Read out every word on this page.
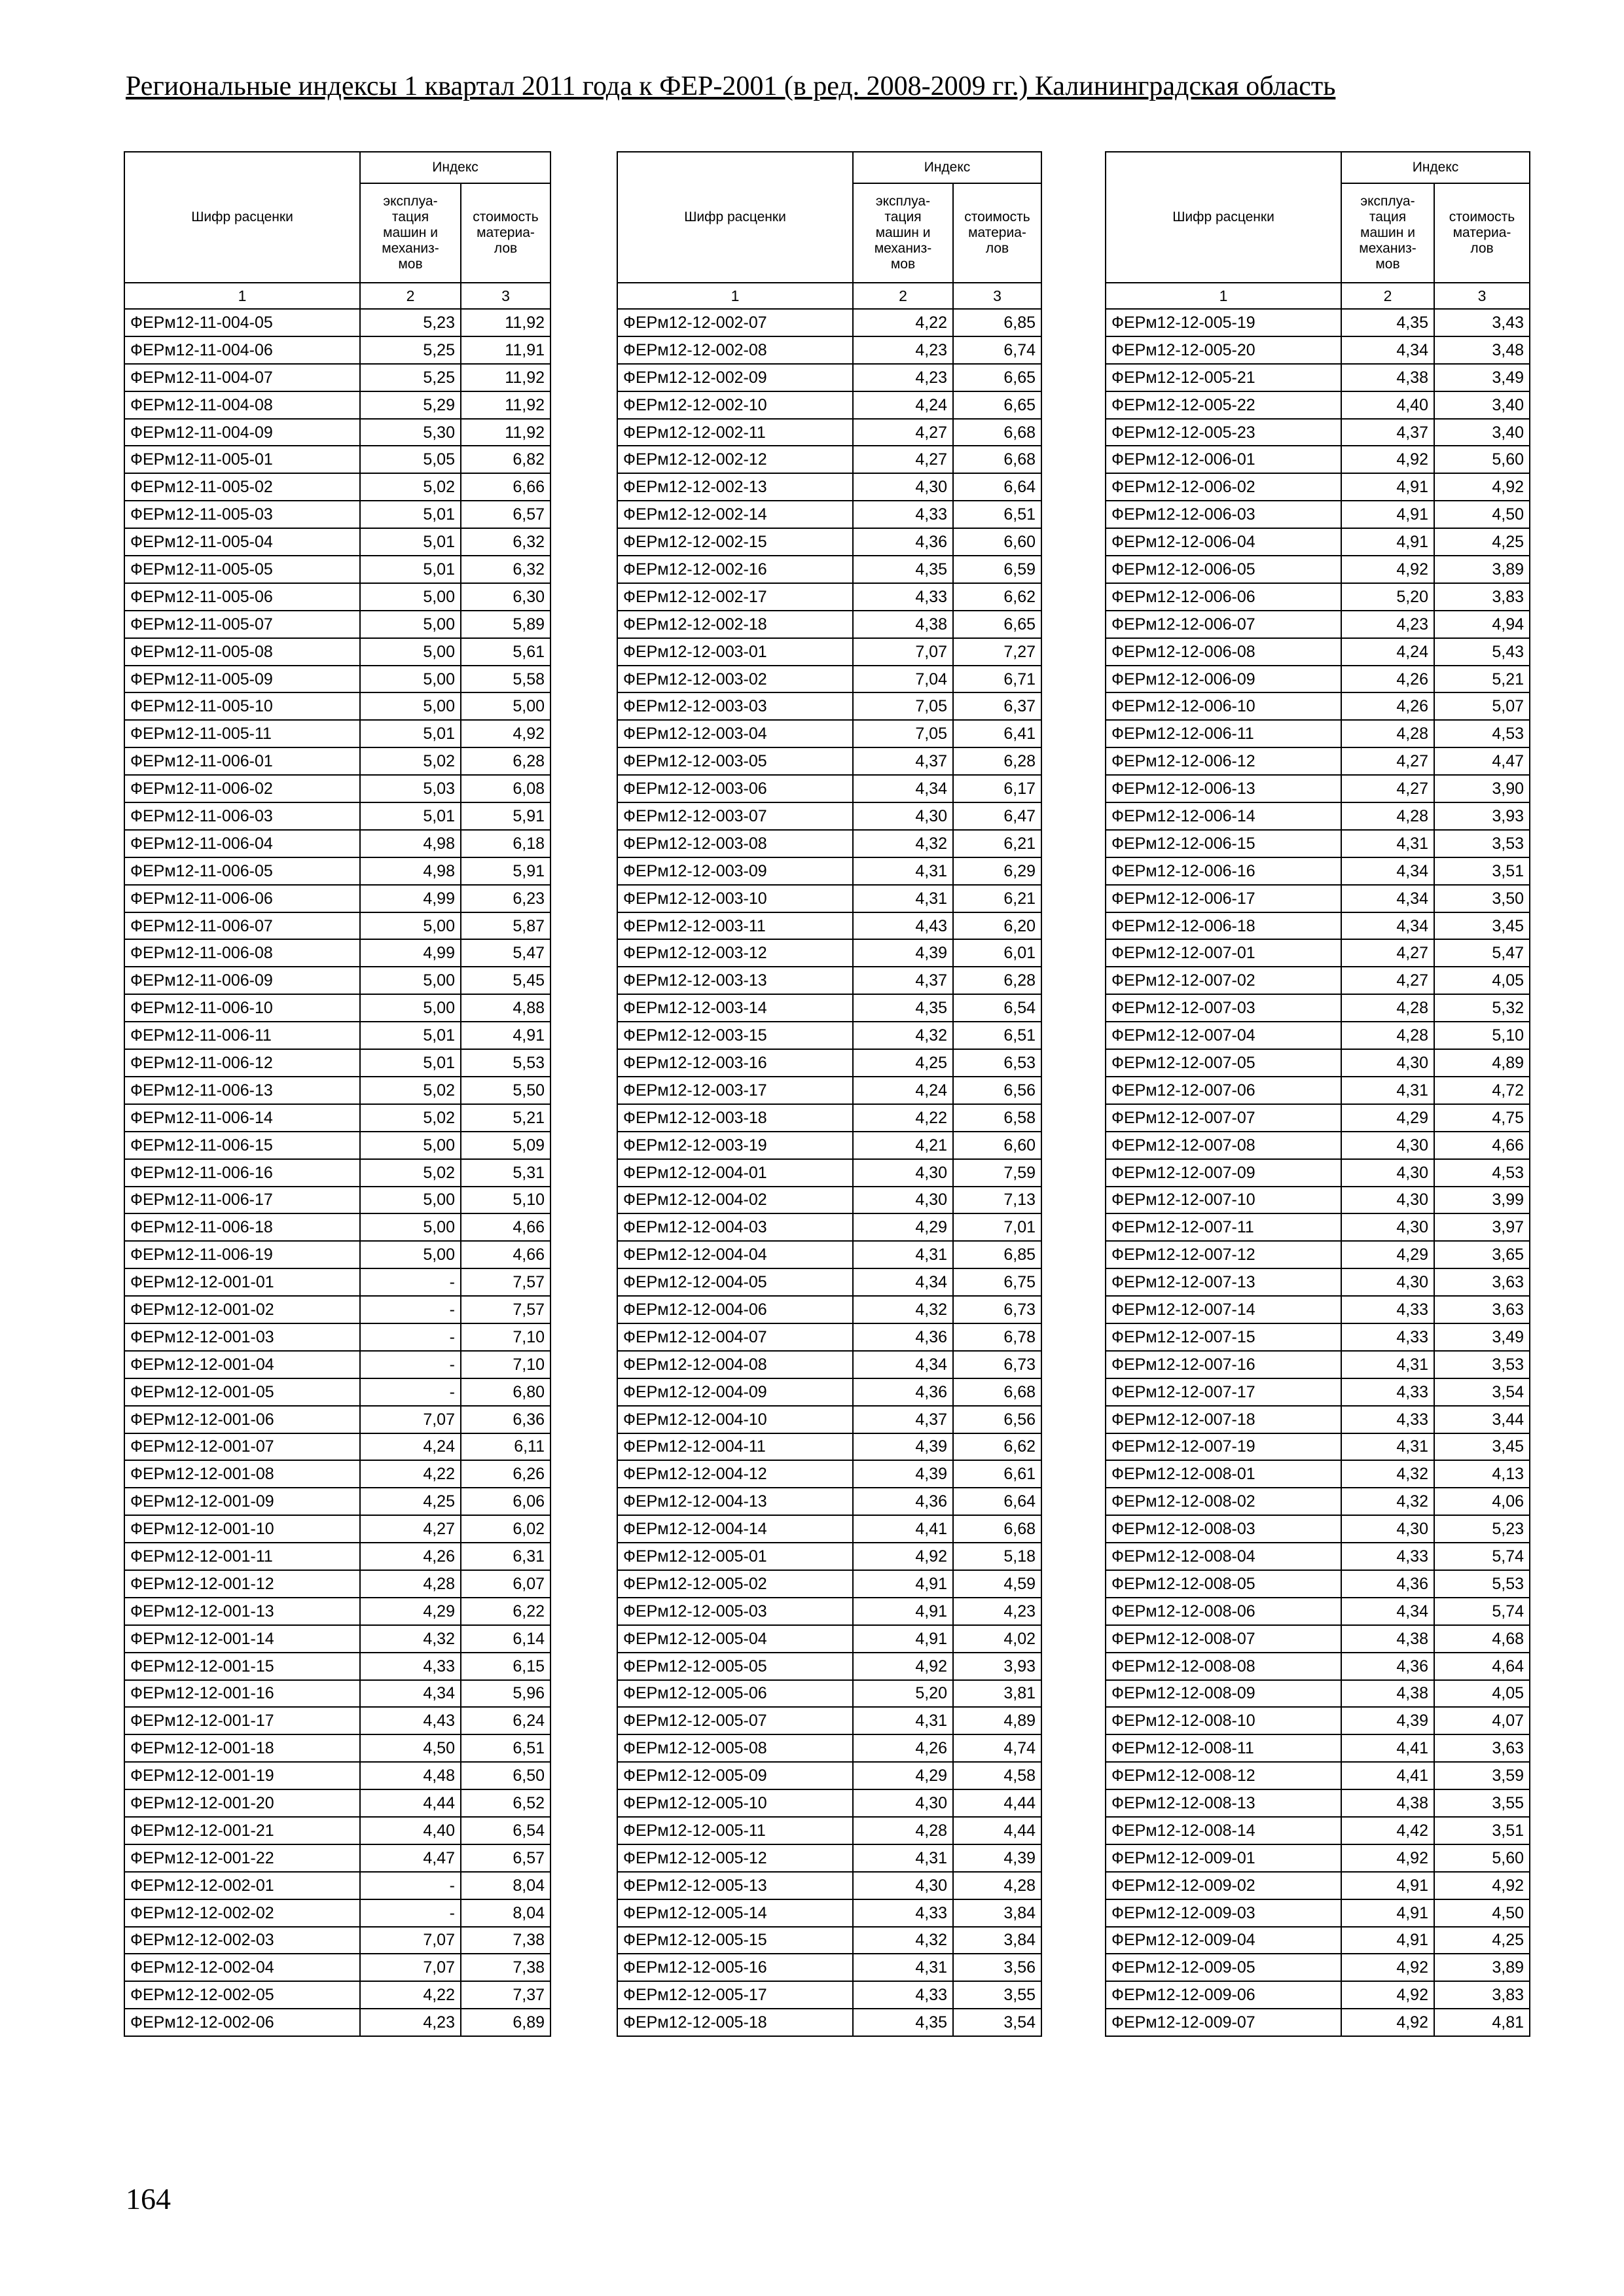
Региональные индексы 1 квартал 2011 года к ФЕР-2001 (в ред. 2008-2009 гг.) Калининградская область
Шифр расценки	Индекс	
	эксплуа-
тация
машин и
механиз-
мов	стоимость
материа-
лов
1	2	3
ФЕРм12-11-004-05	5,23	11,92
ФЕРм12-11-004-06	5,25	11,91
ФЕРм12-11-004-07	5,25	11,92
ФЕРм12-11-004-08	5,29	11,92
ФЕРм12-11-004-09	5,30	11,92
ФЕРм12-11-005-01	5,05	6,82
ФЕРм12-11-005-02	5,02	6,66
ФЕРм12-11-005-03	5,01	6,57
ФЕРм12-11-005-04	5,01	6,32
ФЕРм12-11-005-05	5,01	6,32
ФЕРм12-11-005-06	5,00	6,30
ФЕРм12-11-005-07	5,00	5,89
ФЕРм12-11-005-08	5,00	5,61
ФЕРм12-11-005-09	5,00	5,58
ФЕРм12-11-005-10	5,00	5,00
ФЕРм12-11-005-11	5,01	4,92
ФЕРм12-11-006-01	5,02	6,28
ФЕРм12-11-006-02	5,03	6,08
ФЕРм12-11-006-03	5,01	5,91
ФЕРм12-11-006-04	4,98	6,18
ФЕРм12-11-006-05	4,98	5,91
ФЕРм12-11-006-06	4,99	6,23
ФЕРм12-11-006-07	5,00	5,87
ФЕРм12-11-006-08	4,99	5,47
ФЕРм12-11-006-09	5,00	5,45
ФЕРм12-11-006-10	5,00	4,88
ФЕРм12-11-006-11	5,01	4,91
ФЕРм12-11-006-12	5,01	5,53
ФЕРм12-11-006-13	5,02	5,50
ФЕРм12-11-006-14	5,02	5,21
ФЕРм12-11-006-15	5,00	5,09
ФЕРм12-11-006-16	5,02	5,31
ФЕРм12-11-006-17	5,00	5,10
ФЕРм12-11-006-18	5,00	4,66
ФЕРм12-11-006-19	5,00	4,66
ФЕРм12-12-001-01	-	7,57
ФЕРм12-12-001-02	-	7,57
ФЕРм12-12-001-03	-	7,10
ФЕРм12-12-001-04	-	7,10
ФЕРм12-12-001-05	-	6,80
ФЕРм12-12-001-06	7,07	6,36
ФЕРм12-12-001-07	4,24	6,11
ФЕРм12-12-001-08	4,22	6,26
ФЕРм12-12-001-09	4,25	6,06
ФЕРм12-12-001-10	4,27	6,02
ФЕРм12-12-001-11	4,26	6,31
ФЕРм12-12-001-12	4,28	6,07
ФЕРм12-12-001-13	4,29	6,22
ФЕРм12-12-001-14	4,32	6,14
ФЕРм12-12-001-15	4,33	6,15
ФЕРм12-12-001-16	4,34	5,96
ФЕРм12-12-001-17	4,43	6,24
ФЕРм12-12-001-18	4,50	6,51
ФЕРм12-12-001-19	4,48	6,50
ФЕРм12-12-001-20	4,44	6,52
ФЕРм12-12-001-21	4,40	6,54
ФЕРм12-12-001-22	4,47	6,57
ФЕРм12-12-002-01	-	8,04
ФЕРм12-12-002-02	-	8,04
ФЕРм12-12-002-03	7,07	7,38
ФЕРм12-12-002-04	7,07	7,38
ФЕРм12-12-002-05	4,22	7,37
ФЕРм12-12-002-06	4,23	6,89
Шифр расценки	Индекс	
	эксплуа-
тация
машин и
механиз-
мов	стоимость
материа-
лов
1	2	3
ФЕРм12-12-002-07	4,22	6,85
ФЕРм12-12-002-08	4,23	6,74
ФЕРм12-12-002-09	4,23	6,65
ФЕРм12-12-002-10	4,24	6,65
ФЕРм12-12-002-11	4,27	6,68
ФЕРм12-12-002-12	4,27	6,68
ФЕРм12-12-002-13	4,30	6,64
ФЕРм12-12-002-14	4,33	6,51
ФЕРм12-12-002-15	4,36	6,60
ФЕРм12-12-002-16	4,35	6,59
ФЕРм12-12-002-17	4,33	6,62
ФЕРм12-12-002-18	4,38	6,65
ФЕРм12-12-003-01	7,07	7,27
ФЕРм12-12-003-02	7,04	6,71
ФЕРм12-12-003-03	7,05	6,37
ФЕРм12-12-003-04	7,05	6,41
ФЕРм12-12-003-05	4,37	6,28
ФЕРм12-12-003-06	4,34	6,17
ФЕРм12-12-003-07	4,30	6,47
ФЕРм12-12-003-08	4,32	6,21
ФЕРм12-12-003-09	4,31	6,29
ФЕРм12-12-003-10	4,31	6,21
ФЕРм12-12-003-11	4,43	6,20
ФЕРм12-12-003-12	4,39	6,01
ФЕРм12-12-003-13	4,37	6,28
ФЕРм12-12-003-14	4,35	6,54
ФЕРм12-12-003-15	4,32	6,51
ФЕРм12-12-003-16	4,25	6,53
ФЕРм12-12-003-17	4,24	6,56
ФЕРм12-12-003-18	4,22	6,58
ФЕРм12-12-003-19	4,21	6,60
ФЕРм12-12-004-01	4,30	7,59
ФЕРм12-12-004-02	4,30	7,13
ФЕРм12-12-004-03	4,29	7,01
ФЕРм12-12-004-04	4,31	6,85
ФЕРм12-12-004-05	4,34	6,75
ФЕРм12-12-004-06	4,32	6,73
ФЕРм12-12-004-07	4,36	6,78
ФЕРм12-12-004-08	4,34	6,73
ФЕРм12-12-004-09	4,36	6,68
ФЕРм12-12-004-10	4,37	6,56
ФЕРм12-12-004-11	4,39	6,62
ФЕРм12-12-004-12	4,39	6,61
ФЕРм12-12-004-13	4,36	6,64
ФЕРм12-12-004-14	4,41	6,68
ФЕРм12-12-005-01	4,92	5,18
ФЕРм12-12-005-02	4,91	4,59
ФЕРм12-12-005-03	4,91	4,23
ФЕРм12-12-005-04	4,91	4,02
ФЕРм12-12-005-05	4,92	3,93
ФЕРм12-12-005-06	5,20	3,81
ФЕРм12-12-005-07	4,31	4,89
ФЕРм12-12-005-08	4,26	4,74
ФЕРм12-12-005-09	4,29	4,58
ФЕРм12-12-005-10	4,30	4,44
ФЕРм12-12-005-11	4,28	4,44
ФЕРм12-12-005-12	4,31	4,39
ФЕРм12-12-005-13	4,30	4,28
ФЕРм12-12-005-14	4,33	3,84
ФЕРм12-12-005-15	4,32	3,84
ФЕРм12-12-005-16	4,31	3,56
ФЕРм12-12-005-17	4,33	3,55
ФЕРм12-12-005-18	4,35	3,54
Шифр расценки	Индекс	
	эксплуа-
тация
машин и
механиз-
мов	стоимость
материа-
лов
1	2	3
ФЕРм12-12-005-19	4,35	3,43
ФЕРм12-12-005-20	4,34	3,48
ФЕРм12-12-005-21	4,38	3,49
ФЕРм12-12-005-22	4,40	3,40
ФЕРм12-12-005-23	4,37	3,40
ФЕРм12-12-006-01	4,92	5,60
ФЕРм12-12-006-02	4,91	4,92
ФЕРм12-12-006-03	4,91	4,50
ФЕРм12-12-006-04	4,91	4,25
ФЕРм12-12-006-05	4,92	3,89
ФЕРм12-12-006-06	5,20	3,83
ФЕРм12-12-006-07	4,23	4,94
ФЕРм12-12-006-08	4,24	5,43
ФЕРм12-12-006-09	4,26	5,21
ФЕРм12-12-006-10	4,26	5,07
ФЕРм12-12-006-11	4,28	4,53
ФЕРм12-12-006-12	4,27	4,47
ФЕРм12-12-006-13	4,27	3,90
ФЕРм12-12-006-14	4,28	3,93
ФЕРм12-12-006-15	4,31	3,53
ФЕРм12-12-006-16	4,34	3,51
ФЕРм12-12-006-17	4,34	3,50
ФЕРм12-12-006-18	4,34	3,45
ФЕРм12-12-007-01	4,27	5,47
ФЕРм12-12-007-02	4,27	4,05
ФЕРм12-12-007-03	4,28	5,32
ФЕРм12-12-007-04	4,28	5,10
ФЕРм12-12-007-05	4,30	4,89
ФЕРм12-12-007-06	4,31	4,72
ФЕРм12-12-007-07	4,29	4,75
ФЕРм12-12-007-08	4,30	4,66
ФЕРм12-12-007-09	4,30	4,53
ФЕРм12-12-007-10	4,30	3,99
ФЕРм12-12-007-11	4,30	3,97
ФЕРм12-12-007-12	4,29	3,65
ФЕРм12-12-007-13	4,30	3,63
ФЕРм12-12-007-14	4,33	3,63
ФЕРм12-12-007-15	4,33	3,49
ФЕРм12-12-007-16	4,31	3,53
ФЕРм12-12-007-17	4,33	3,54
ФЕРм12-12-007-18	4,33	3,44
ФЕРм12-12-007-19	4,31	3,45
ФЕРм12-12-008-01	4,32	4,13
ФЕРм12-12-008-02	4,32	4,06
ФЕРм12-12-008-03	4,30	5,23
ФЕРм12-12-008-04	4,33	5,74
ФЕРм12-12-008-05	4,36	5,53
ФЕРм12-12-008-06	4,34	5,74
ФЕРм12-12-008-07	4,38	4,68
ФЕРм12-12-008-08	4,36	4,64
ФЕРм12-12-008-09	4,38	4,05
ФЕРм12-12-008-10	4,39	4,07
ФЕРм12-12-008-11	4,41	3,63
ФЕРм12-12-008-12	4,41	3,59
ФЕРм12-12-008-13	4,38	3,55
ФЕРм12-12-008-14	4,42	3,51
ФЕРм12-12-009-01	4,92	5,60
ФЕРм12-12-009-02	4,91	4,92
ФЕРм12-12-009-03	4,91	4,50
ФЕРм12-12-009-04	4,91	4,25
ФЕРм12-12-009-05	4,92	3,89
ФЕРм12-12-009-06	4,92	3,83
ФЕРм12-12-009-07	4,92	4,81
164
